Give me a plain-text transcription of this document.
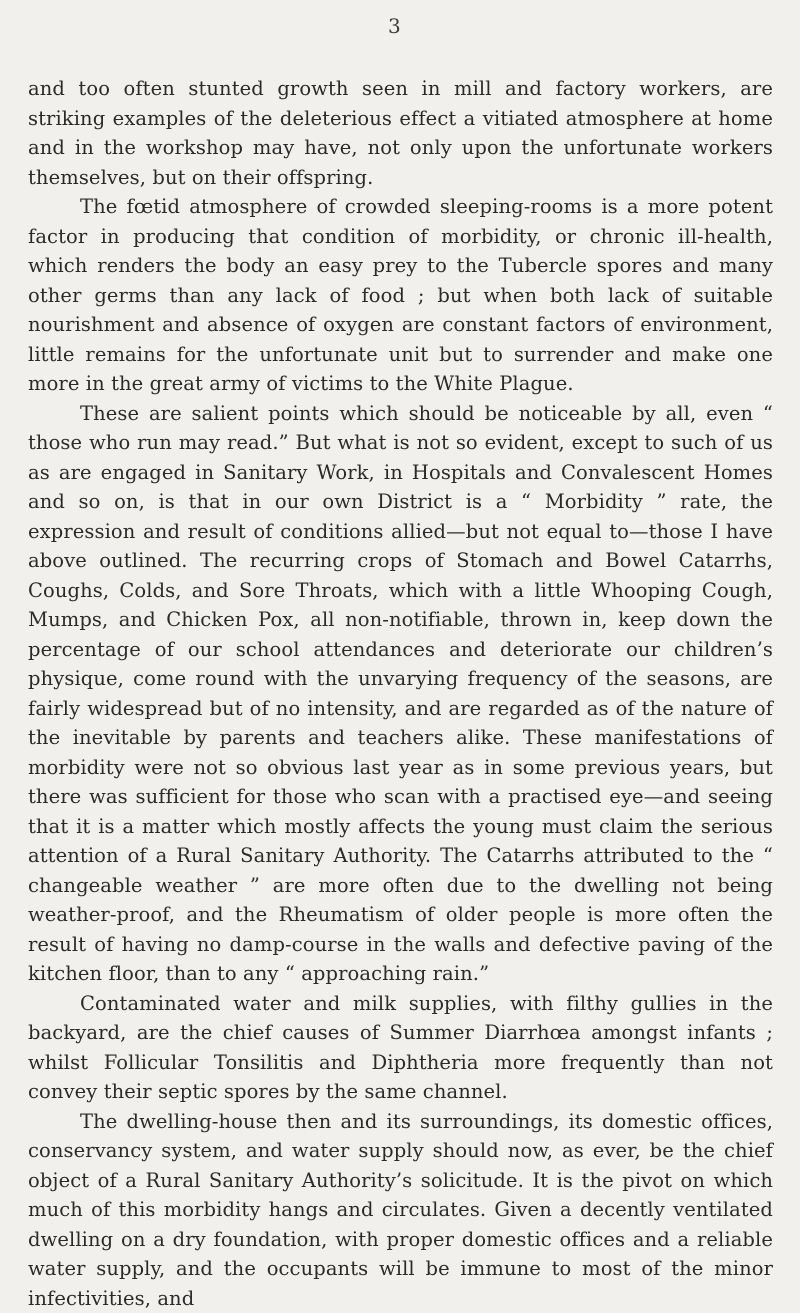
3

and too often stunted growth seen in mill and factory workers, are striking examples of the deleterious effect a vitiated atmosphere at home and in the workshop may have, not only upon the unfortunate workers themselves, but on their offspring.

The fœtid atmosphere of crowded sleeping-rooms is a more potent factor in producing that condition of morbidity, or chronic ill-health, which renders the body an easy prey to the Tubercle spores and many other germs than any lack of food ; but when both lack of suitable nourishment and absence of oxygen are constant factors of environment, little remains for the unfortunate unit but to surrender and make one more in the great army of victims to the White Plague.

These are salient points which should be noticeable by all, even “ those who run may read.” But what is not so evident, except to such of us as are engaged in Sanitary Work, in Hospitals and Convalescent Homes and so on, is that in our own District is a “ Morbidity ” rate, the expression and result of conditions allied—but not equal to—those I have above outlined. The recurring crops of Stomach and Bowel Catarrhs, Coughs, Colds, and Sore Throats, which with a little Whooping Cough, Mumps, and Chicken Pox, all non-notifiable, thrown in, keep down the percentage of our school attendances and deteriorate our children’s physique, come round with the unvarying frequency of the seasons, are fairly widespread but of no intensity, and are regarded as of the nature of the inevitable by parents and teachers alike. These manifestations of morbidity were not so obvious last year as in some previous years, but there was sufficient for those who scan with a practised eye—and seeing that it is a matter which mostly affects the young must claim the serious attention of a Rural Sanitary Authority. The Catarrhs attributed to the “ changeable weather ” are more often due to the dwelling not being weather-proof, and the Rheumatism of older people is more often the result of having no damp-course in the walls and defective paving of the kitchen floor, than to any “ approaching rain.”

Contaminated water and milk supplies, with filthy gullies in the backyard, are the chief causes of Summer Diarrhœa amongst infants ; whilst Follicular Tonsilitis and Diphtheria more frequently than not convey their septic spores by the same channel.

The dwelling-house then and its surroundings, its domestic offices, conservancy system, and water supply should now, as ever, be the chief object of a Rural Sanitary Authority’s solicitude. It is the pivot on which much of this morbidity hangs and circulates. Given a decently ventilated dwelling on a dry foundation, with proper domestic offices and a reliable water supply, and the occupants will be immune to most of the minor infectivities, and
